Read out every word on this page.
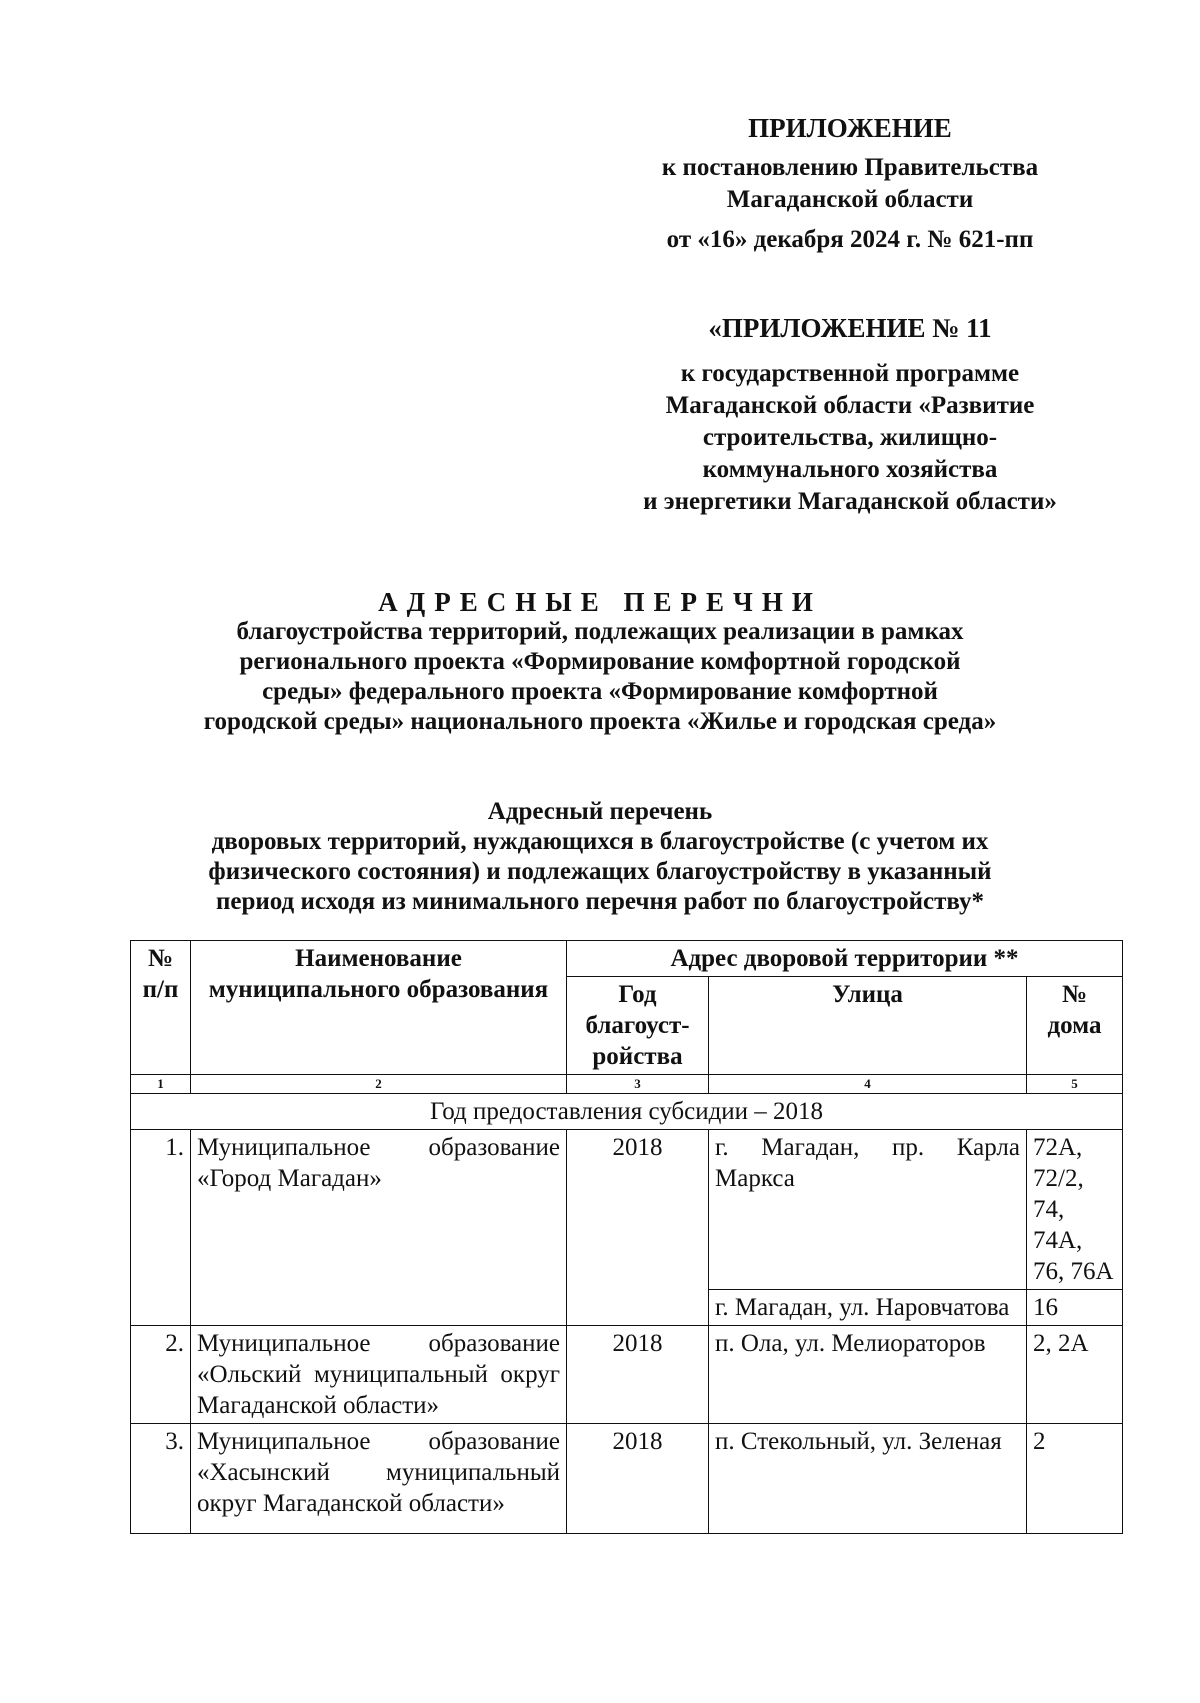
ПРИЛОЖЕНИЕ
к постановлению Правительства
Магаданской области
от «16» декабря 2024 г. № 621-пп
«ПРИЛОЖЕНИЕ № 11
к государственной программе
Магаданской области «Развитие
строительства, жилищно-
коммунального хозяйства
и энергетики Магаданской области»
АДРЕСНЫЕ ПЕРЕЧНИ
благоустройства территорий, подлежащих реализации в рамках
регионального проекта «Формирование комфортной городской
среды» федерального проекта «Формирование комфортной
городской среды» национального проекта «Жилье и городская среда»
Адресный перечень
дворовых территорий, нуждающихся в благоустройстве (с учетом их
физического состояния) и подлежащих благоустройству в указанный
период исходя из минимального перечня работ по благоустройству*
№ п/п	Наименование муниципального образования	Адрес дворовой территории **		
		Год благоуст-ройства	Улица	№ дома
1	2	3	4	5
Год предоставления субсидии – 2018				
1.	Муниципальное образование «Город Магадан»	2018	г. Магадан, пр. Карла Маркса	72А, 72/2, 74, 74А, 76, 76А
			г. Магадан, ул. Наровчатова	16
2.	Муниципальное образование «Ольский муниципальный округ Магаданской области»	2018	п. Ола, ул. Мелиораторов	2, 2А
3.	Муниципальное образование «Хасынский муниципальный округ Магаданской области»	2018	п. Стекольный, ул. Зеленая	2
